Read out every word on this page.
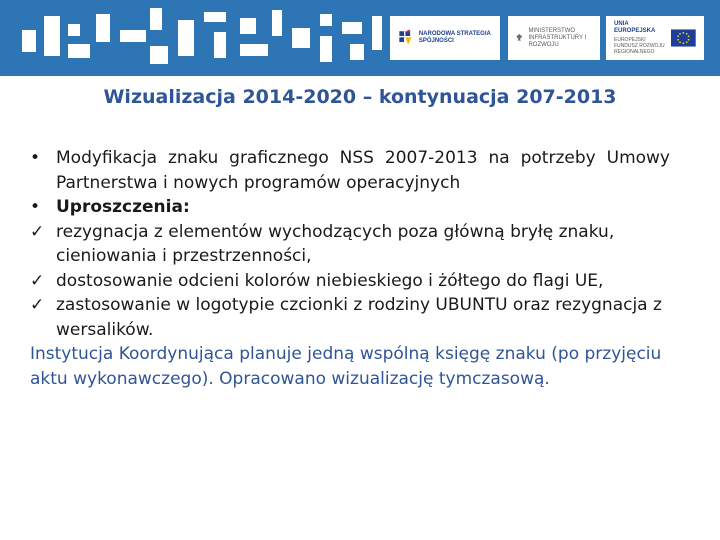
NARODOWA STRATEGIA SPÓJNOŚCI
MINISTERSTWO INFRASTRUKTURY I ROZWOJU
UNIA EUROPEJSKA
EUROPEJSKI FUNDUSZ ROZWOJU REGIONALNEGO
Wizualizacja 2014-2020 – kontynuacja 207-2013
• Modyfikacja znaku graficznego NSS 2007-2013 na potrzeby Umowy Partnerstwa i nowych programów operacyjnych
• Uproszczenia:
✓ rezygnacja z elementów wychodzących poza główną bryłę znaku, cieniowania i przestrzenności,
✓ dostosowanie odcieni kolorów niebieskiego i żółtego do flagi UE,
✓ zastosowanie w logotypie czcionki z rodziny UBUNTU oraz rezygnacja z wersalików.
Instytucja Koordynująca planuje jedną wspólną księgę znaku (po przyjęciu aktu wykonawczego). Opracowano wizualizację tymczasową.
